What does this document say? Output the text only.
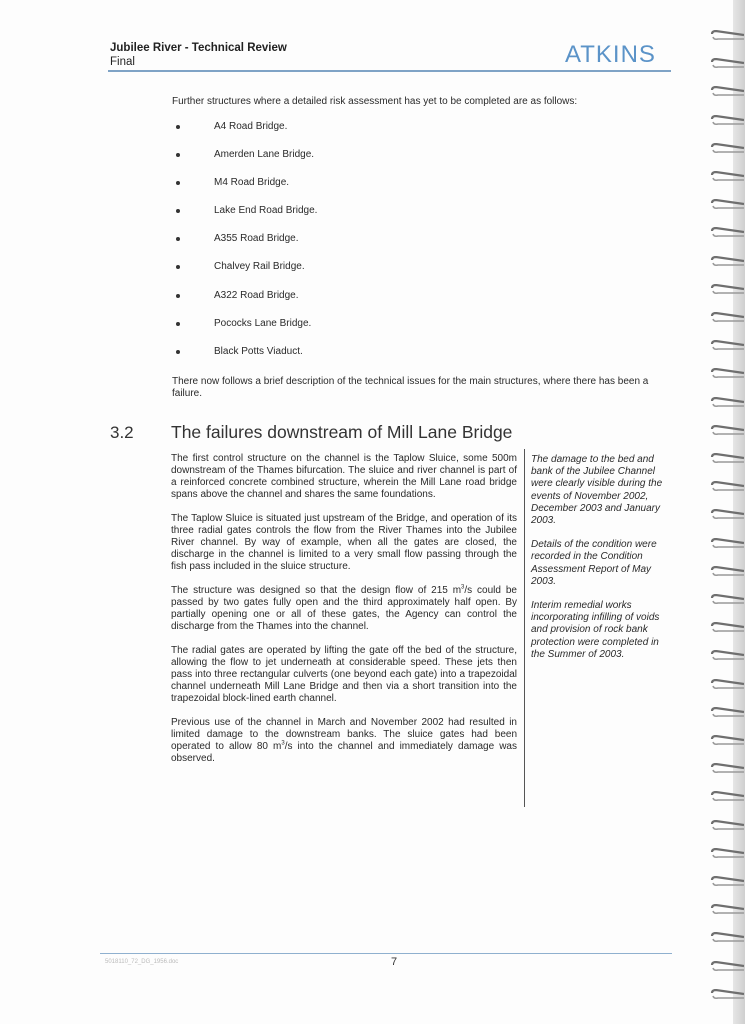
Jubilee River - Technical Review
Final	ATKINS
Further structures where a detailed risk assessment has yet to be completed are as follows:
A4 Road Bridge.
Amerden Lane Bridge.
M4 Road Bridge.
Lake End Road Bridge.
A355 Road Bridge.
Chalvey Rail Bridge.
A322 Road Bridge.
Pococks Lane Bridge.
Black Potts Viaduct.
There now follows a brief description of the technical issues for the main structures, where there has been a failure.
3.2 The failures downstream of Mill Lane Bridge

The first control structure on the channel is the Taplow Sluice, some 500m downstream of the Thames bifurcation. The sluice and river channel is part of a reinforced concrete combined structure, wherein the Mill Lane road bridge spans above the channel and shares the same foundations.

The Taplow Sluice is situated just upstream of the Bridge, and operation of its three radial gates controls the flow from the River Thames into the Jubilee River channel. By way of example, when all the gates are closed, the discharge in the channel is limited to a very small flow passing through the fish pass included in the sluice structure.

The structure was designed so that the design flow of 215 $m^3/s$ could be passed by two gates fully open and the third approximately half open. By partially opening one or all of these gates, the Agency can control the discharge from the Thames into the channel.

The radial gates are operated by lifting the gate off the bed of the structure, allowing the flow to jet underneath at considerable speed. These jets then pass into three rectangular culverts (one beyond each gate) into a trapezoidal channel underneath Mill Lane Bridge and then via a short transition into the trapezoidal block-lined earth channel.

Previous use of the channel in March and November 2002 had resulted in limited damage to the downstream banks. The sluice gates had been operated to allow 80 $m^3/s$ into the channel and immediately damage was observed.

The damage to the bed and bank of the Jubilee Channel were clearly visible during the events of November 2002, December 2003 and January 2003.

Details of the condition were recorded in the Condition Assessment Report of May 2003.

Interim remedial works incorporating infilling of voids and provision of rock bank protection were completed in the Summer of 2003.

5018110_72_DG_1956.doc	7
